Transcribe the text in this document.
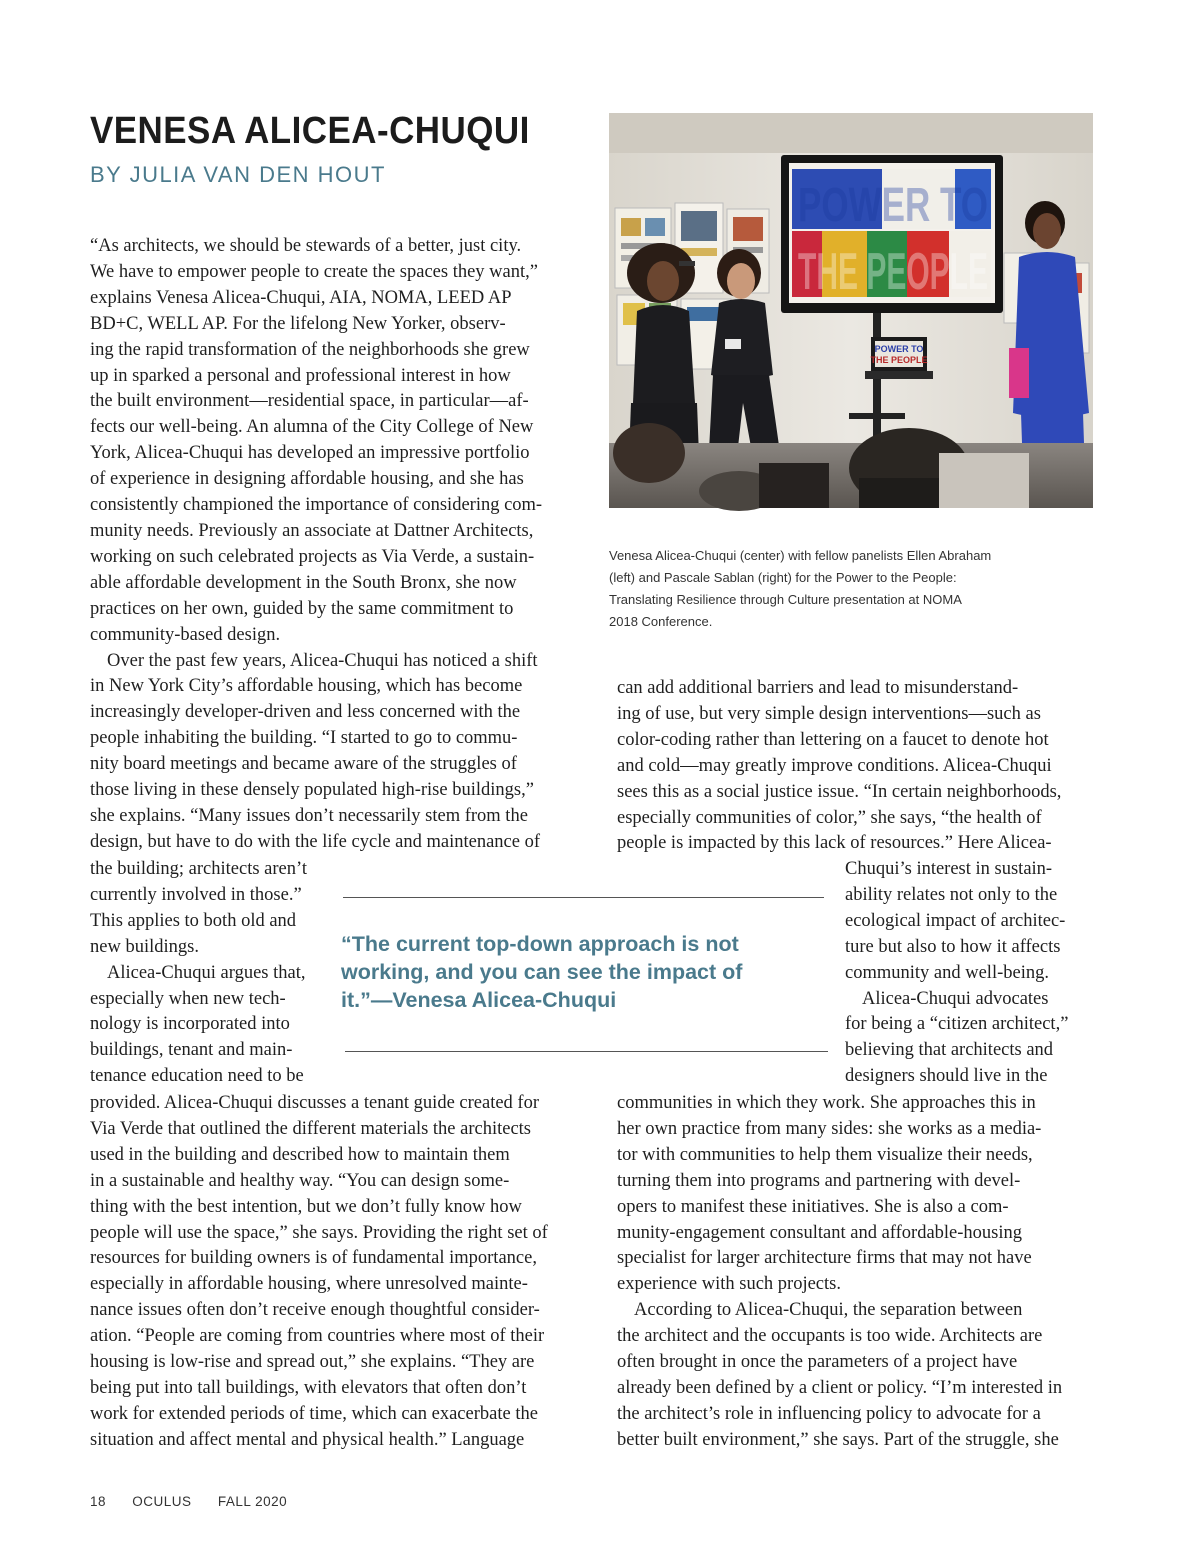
VENESA ALICEA-CHUQUI
BY JULIA VAN DEN HOUT
“As architects, we should be stewards of a better, just city.
We have to empower people to create the spaces they want,”
explains Venesa Alicea-Chuqui, AIA, NOMA, LEED AP
BD+C, WELL AP. For the lifelong New Yorker, observ-
ing the rapid transformation of the neighborhoods she grew
up in sparked a personal and professional interest in how
the built environment—residential space, in particular—af-
fects our well-being. An alumna of the City College of New
York, Alicea-Chuqui has developed an impressive portfolio
of experience in designing affordable housing, and she has
consistently championed the importance of considering com-
munity needs. Previously an associate at Dattner Architects,
working on such celebrated projects as Via Verde, a sustain-
able affordable development in the South Bronx, she now
practices on her own, guided by the same commitment to
community-based design.
Over the past few years, Alicea-Chuqui has noticed a shift
in New York City’s affordable housing, which has become
increasingly developer-driven and less concerned with the
people inhabiting the building. “I started to go to commu-
nity board meetings and became aware of the struggles of
those living in these densely populated high-rise buildings,”
she explains. “Many issues don’t necessarily stem from the
design, but have to do with the life cycle and maintenance of
the building; architects aren’t
currently involved in those.”
This applies to both old and
new buildings.
Alicea-Chuqui argues that,
especially when new tech-
nology is incorporated into
buildings, tenant and main-
tenance education need to be
provided. Alicea-Chuqui discusses a tenant guide created for
Via Verde that outlined the different materials the architects
used in the building and described how to maintain them
in a sustainable and healthy way. “You can design some-
thing with the best intention, but we don’t fully know how
people will use the space,” she says. Providing the right set of
resources for building owners is of fundamental importance,
especially in affordable housing, where unresolved mainte-
nance issues often don’t receive enough thoughtful consider-
ation. “People are coming from countries where most of their
housing is low-rise and spread out,” she explains. “They are
being put into tall buildings, with elevators that often don’t
work for extended periods of time, which can exacerbate the
situation and affect mental and physical health.” Language
POWER TO
THE PEOPLE
POWER TO
THE PEOPLE
Venesa Alicea-Chuqui (center) with fellow panelists Ellen Abraham
(left) and Pascale Sablan (right) for the Power to the People:
Translating Resilience through Culture presentation at NOMA
2018 Conference.
can add additional barriers and lead to misunderstand-
ing of use, but very simple design interventions—such as
color-coding rather than lettering on a faucet to denote hot
and cold—may greatly improve conditions. Alicea-Chuqui
sees this as a social justice issue. “In certain neighborhoods,
especially communities of color,” she says, “the health of
people is impacted by this lack of resources.” Here Alicea-
Chuqui’s interest in sustain-
ability relates not only to the
ecological impact of architec-
ture but also to how it affects
community and well-being.
Alicea-Chuqui advocates
for being a “citizen architect,”
believing that architects and
designers should live in the
communities in which they work. She approaches this in
her own practice from many sides: she works as a media-
tor with communities to help them visualize their needs,
turning them into programs and partnering with devel-
opers to manifest these initiatives. She is also a com-
munity-engagement consultant and affordable-housing
specialist for larger architecture firms that may not have
experience with such projects.
According to Alicea-Chuqui, the separation between
the architect and the occupants is too wide. Architects are
often brought in once the parameters of a project have
already been defined by a client or policy. “I’m interested in
the architect’s role in influencing policy to advocate for a
better built environment,” she says. Part of the struggle, she
“The current top-down approach is not
working, and you can see the impact of
it.”—Venesa Alicea-Chuqui
18 OCULUS FALL 2020
